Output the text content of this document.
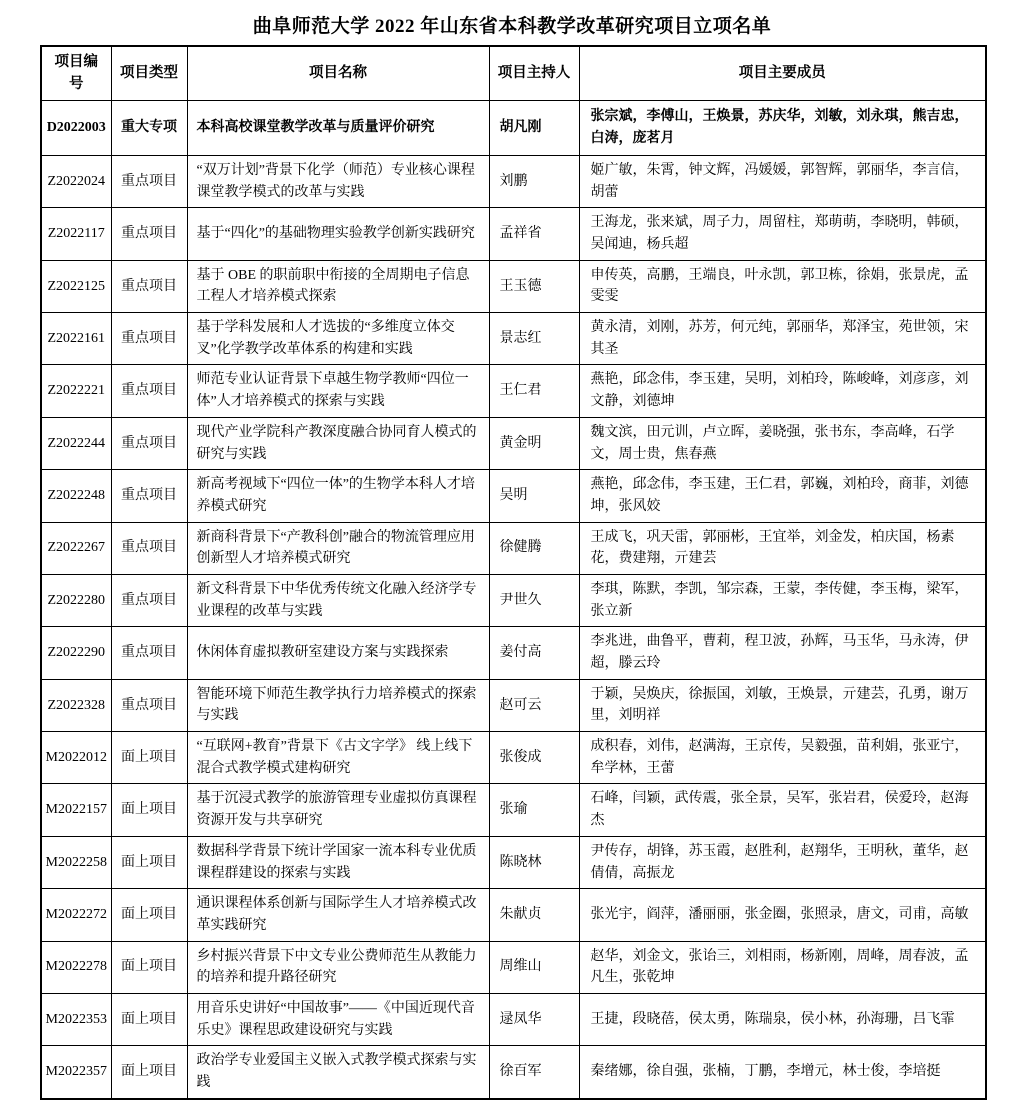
曲阜师范大学 2022 年山东省本科教学改革研究项目立项名单
项目编号	项目类型	项目名称	项目主持人	项目主要成员
D2022003	重大专项	本科高校课堂教学改革与质量评价研究	胡凡刚	张宗斌，李傅山，王焕景，苏庆华，刘敏，刘永琪，熊吉忠，白涛，庞茗月
Z2022024	重点项目	“双万计划”背景下化学（师范）专业核心课程课堂教学模式的改革与实践	刘鹏	姬广敏，朱霄，钟文辉，冯媛媛，郭智辉，郭丽华，李言信，胡蕾
Z2022117	重点项目	基于“四化”的基础物理实验教学创新实践研究	孟祥省	王海龙，张来斌，周子力，周留柱，郑萌萌，李晓明，韩硕，吴闻迪，杨兵超
Z2022125	重点项目	基于 OBE 的职前职中衔接的全周期电子信息工程人才培养模式探索	王玉德	申传英，高鹏，王端良，叶永凯，郭卫栋，徐娟，张景虎，孟雯雯
Z2022161	重点项目	基于学科发展和人才选拔的“多维度立体交叉”化学教学改革体系的构建和实践	景志红	黄永清，刘刚，苏芳，何元纯，郭丽华，郑泽宝，苑世领，宋其圣
Z2022221	重点项目	师范专业认证背景下卓越生物学教师“四位一体”人才培养模式的探索与实践	王仁君	燕艳，邱念伟，李玉建，吴明，刘柏玲，陈峻峰，刘彦彦，刘文静，刘德坤
Z2022244	重点项目	现代产业学院科产教深度融合协同育人模式的研究与实践	黄金明	魏文滨，田元训，卢立晖，姜晓强，张书东，李高峰，石学文，周士贵，焦春燕
Z2022248	重点项目	新高考视域下“四位一体”的生物学本科人才培养模式研究	吴明	燕艳，邱念伟，李玉建，王仁君，郭巍，刘柏玲，商菲，刘德坤，张风姣
Z2022267	重点项目	新商科背景下“产教科创”融合的物流管理应用创新型人才培养模式研究	徐健腾	王成飞，巩天雷，郭丽彬，王宜举，刘金发，柏庆国，杨素花，费建翔，亓建芸
Z2022280	重点项目	新文科背景下中华优秀传统文化融入经济学专业课程的改革与实践	尹世久	李琪，陈默，李凯，邹宗森，王蒙，李传健，李玉梅，梁军，张立新
Z2022290	重点项目	休闲体育虚拟教研室建设方案与实践探索	姜付高	李兆进，曲鲁平，曹莉，程卫波，孙辉，马玉华，马永涛，伊超，滕云玲
Z2022328	重点项目	智能环境下师范生教学执行力培养模式的探索与实践	赵可云	于颖，吴焕庆，徐振国，刘敏，王焕景，亓建芸，孔勇，谢万里，刘明祥
M2022012	面上项目	“互联网+教育”背景下《古文字学》 线上线下混合式教学模式建构研究	张俊成	成积春，刘伟，赵满海，王京传，吴毅强，苗利娟，张亚宁，牟学林，王蕾
M2022157	面上项目	基于沉浸式教学的旅游管理专业虚拟仿真课程资源开发与共享研究	张瑜	石峰，闫颖，武传震，张全景，吴军，张岩君，侯爱玲，赵海杰
M2022258	面上项目	数据科学背景下统计学国家一流本科专业优质课程群建设的探索与实践	陈晓林	尹传存，胡锋，苏玉霞，赵胜利，赵翔华，王明秋，董华，赵倩倩，高振龙
M2022272	面上项目	通识课程体系创新与国际学生人才培养模式改革实践研究	朱献贞	张光宇，阎萍，潘丽丽，张金圈，张照录，唐文，司甫，高敏
M2022278	面上项目	乡村振兴背景下中文专业公费师范生从教能力的培养和提升路径研究	周维山	赵华，刘金文，张诒三，刘相雨，杨新刚，周峰，周春波，孟凡生，张乾坤
M2022353	面上项目	用音乐史讲好“中国故事”——《中国近现代音乐史》课程思政建设研究与实践	逯凤华	王捷，段晓蓓，侯太勇，陈瑞泉，侯小林，孙海珊，吕飞霏
M2022357	面上项目	政治学专业爱国主义嵌入式教学模式探索与实践	徐百军	秦绪娜，徐自强，张楠，丁鹏，李增元，林士俊，李培挺
